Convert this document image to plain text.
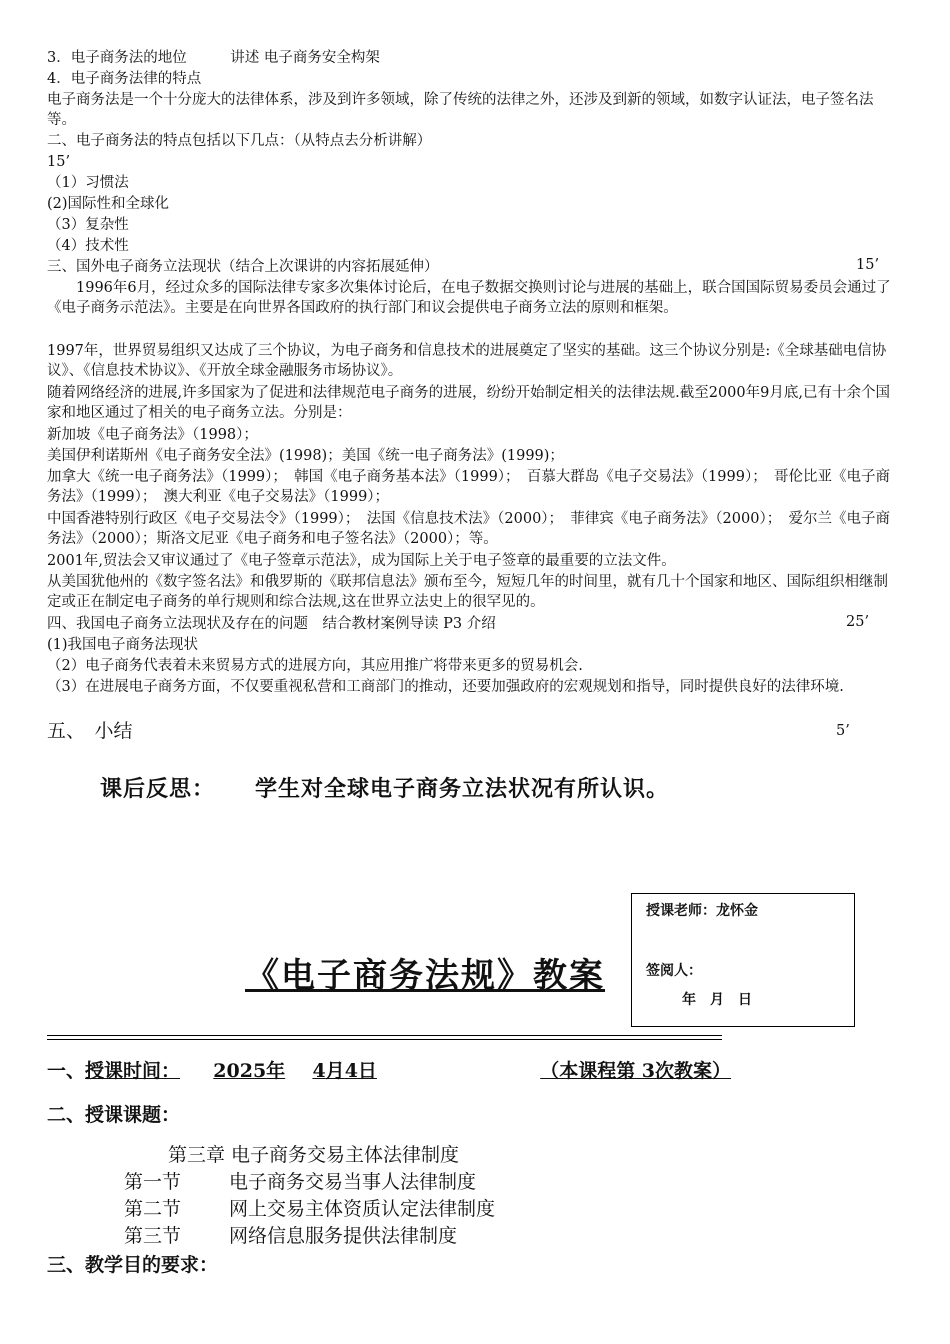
3．电子商务法的地位　　　讲述 电子商务安全构架
4．电子商务法律的特点
电子商务法是一个十分庞大的法律体系，涉及到许多领域，除了传统的法律之外，还涉及到新的领域，如数字认证法，电子签名法等。
二、电子商务法的特点包括以下几点：（从特点去分析讲解）
15’
（1）习惯法
(2)国际性和全球化
（3）复杂性
（4）技术性
三、国外电子商务立法现状（结合上次课讲的内容拓展延伸）	15’
　　1996年6月，经过众多的国际法律专家多次集体讨论后，在电子数据交换则讨论与进展的基础上，联合国国际贸易委员会通过了《电子商务示范法》。主要是在向世界各国政府的执行部门和议会提供电子商务立法的原则和框架。
1997年，世界贸易组织又达成了三个协议，为电子商务和信息技术的进展奠定了坚实的基础。这三个协议分别是:《全球基础电信协议》、《信息技术协议》、《开放全球金融服务市场协议》。
随着网络经济的进展,许多国家为了促进和法律规范电子商务的进展，纷纷开始制定相关的法律法规.截至2000年9月底,已有十余个国家和地区通过了相关的电子商务立法。分别是：
新加坡《电子商务法》（1998）；
美国伊利诺斯州《电子商务安全法》(1998)；美国《统一电子商务法》(1999)；
加拿大《统一电子商务法》（1999）；　韩国《电子商务基本法》（1999）；　百慕大群岛《电子交易法》（1999）；　哥伦比亚《电子商务法》（1999）；　澳大利亚《电子交易法》（1999）；
中国香港特别行政区《电子交易法令》（1999）；　法国《信息技术法》（2000）；　菲律宾《电子商务法》（2000）；　爱尔兰《电子商务法》（2000）；斯洛文尼亚《电子商务和电子签名法》（2000）；等。
2001年,贸法会又审议通过了《电子签章示范法》，成为国际上关于电子签章的最重要的立法文件。
从美国犹他州的《数字签名法》和俄罗斯的《联邦信息法》颁布至今，短短几年的时间里，就有几十个国家和地区、国际组织相继制定或正在制定电子商务的单行规则和综合法规,这在世界立法史上的很罕见的。
四、我国电子商务立法现状及存在的问题　结合教材案例导读 P3 介绍	25’
(1)我国电子商务法现状
（2）电子商务代表着未来贸易方式的进展方向，其应用推广将带来更多的贸易机会.
（3）在进展电子商务方面，不仅要重视私营和工商部门的推动，还要加强政府的宏观规划和指导，同时提供良好的法律环境.
五、　小结	5’
课后反思： 学生对全球电子商务立法状况有所认识。
授课老师：龙怀金
签阅人：
年　月　日
《电子商务法规》教案
一、授课时间： 2025年 4月4日	（本课程第 3次教案）
二、授课课题：
第三章 电子商务交易主体法律制度
第一节	电子商务交易当事人法律制度
第二节	网上交易主体资质认定法律制度
第三节	网络信息服务提供法律制度
三、教学目的要求：
